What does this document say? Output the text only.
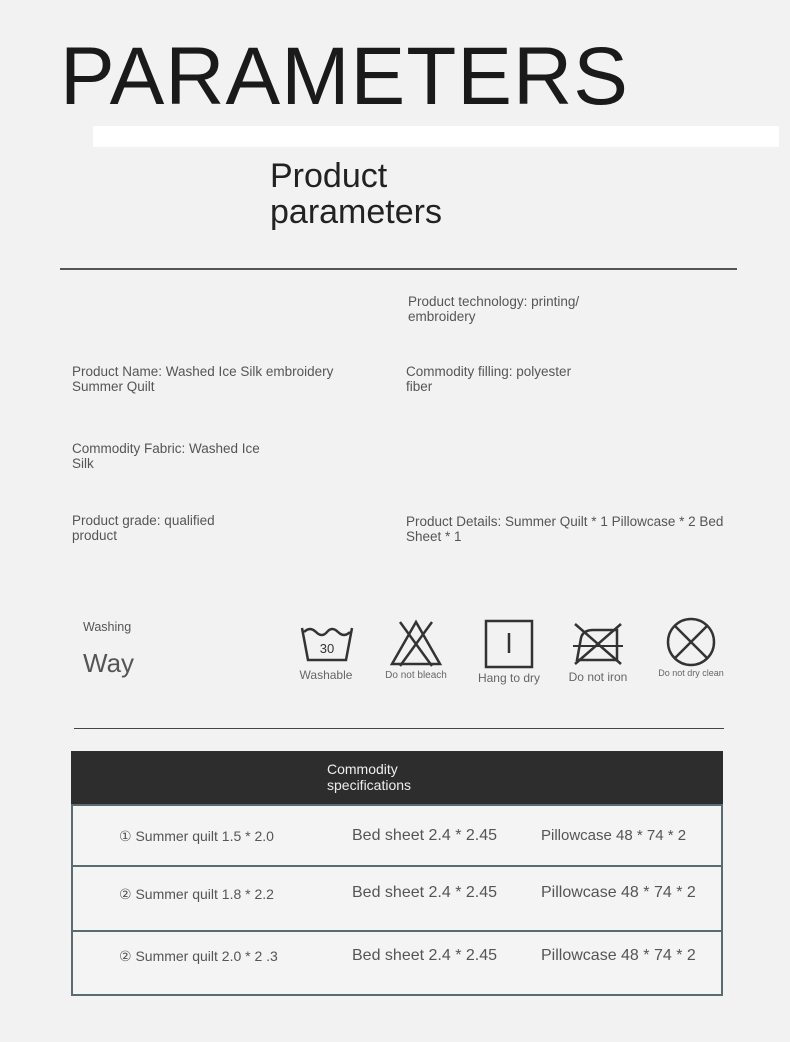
PARAMETERS
Product parameters
Product technology: printing/ embroidery
Product Name: Washed Ice Silk embroidery Summer Quilt
Commodity filling: polyester fiber
Commodity Fabric: Washed Ice Silk
Product grade: qualified product
Product Details: Summer Quilt * 1 Pillowcase * 2 Bed Sheet * 1
Washing
Way	30
Washable	Do not bleach	Hang to dry	Do not iron	Do not dry clean
Commodity specifications
① Summer quilt 1.5 * 2.0	Bed sheet 2.4 * 2.45	Pillowcase 48 * 74 * 2
② Summer quilt 1.8 * 2.2	Bed sheet 2.4 * 2.45	Pillowcase 48 * 74 * 2
② Summer quilt 2.0 * 2 .3	Bed sheet 2.4 * 2.45	Pillowcase 48 * 74 * 2
